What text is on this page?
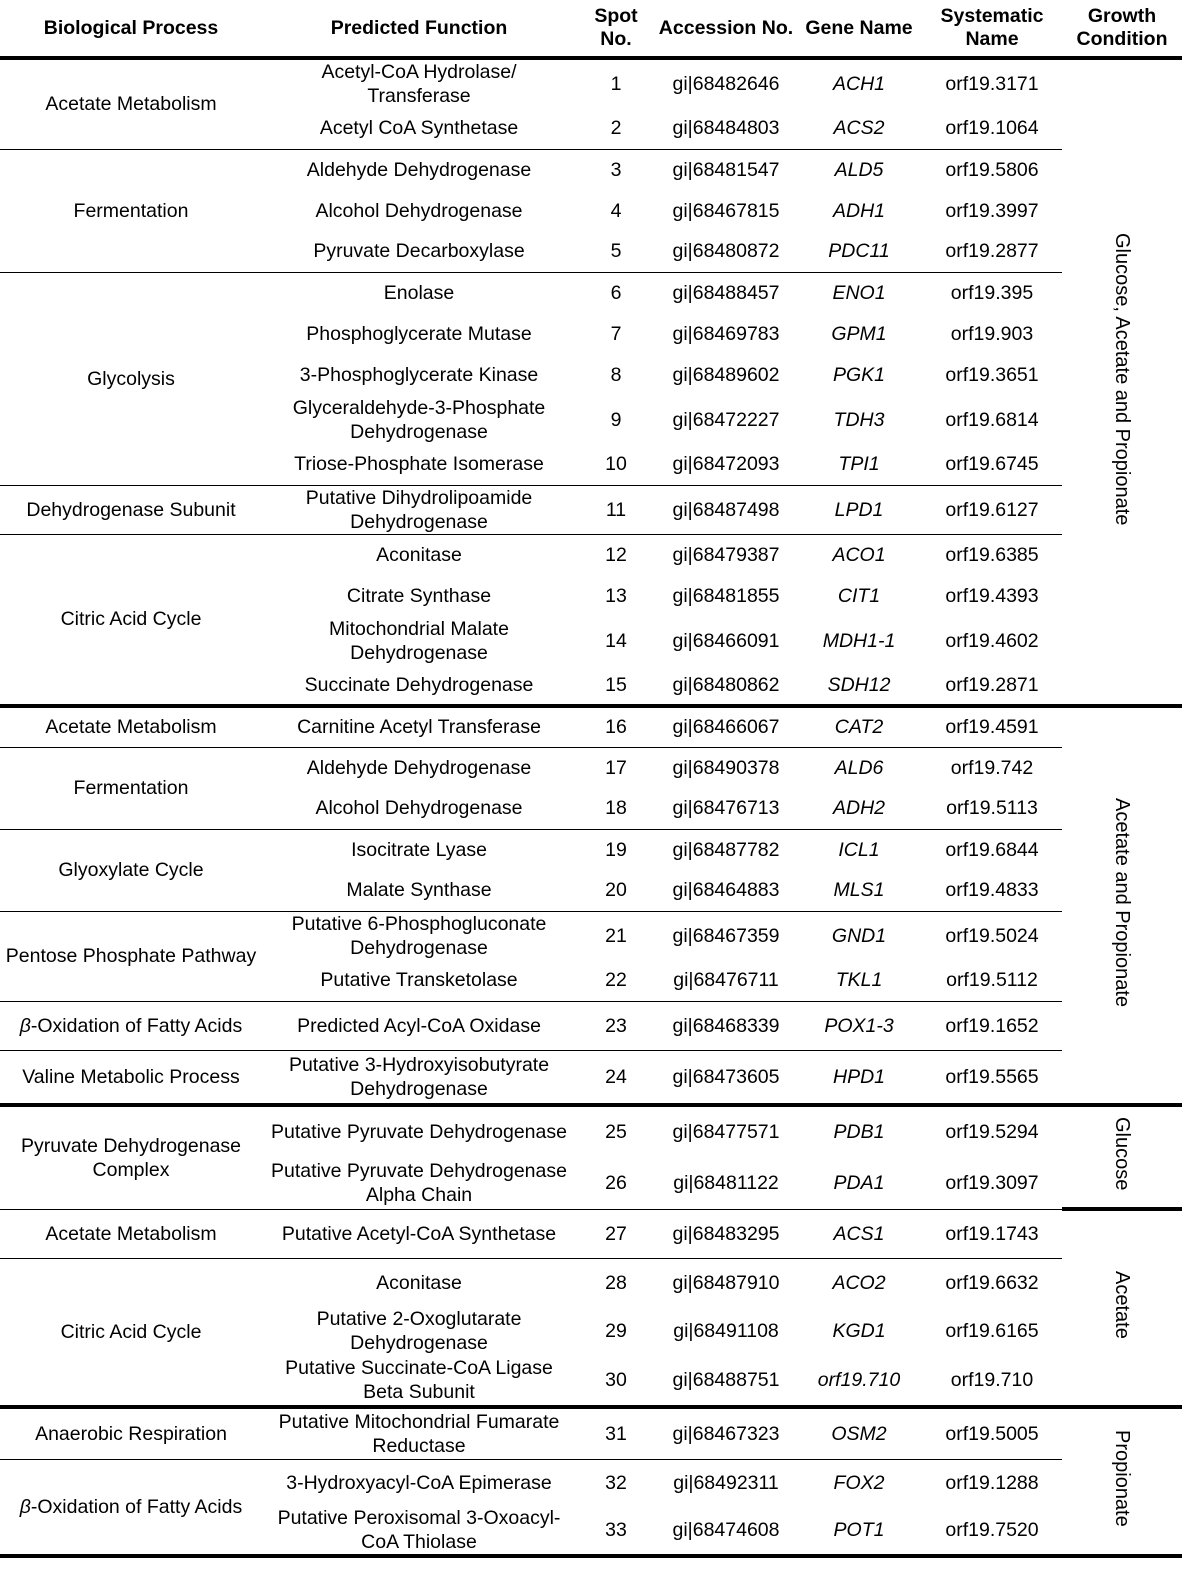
Biological Process	Predicted Function	Spot No.	Accession No.	Gene Name	Systematic Name	Growth Condition
Acetate Metabolism	Acetyl-CoA Hydrolase/ Transferase	1	gi|68482646	ACH1	orf19.3171	Glucose, Acetate and Propionate
	Acetyl CoA Synthetase	2	gi|68484803	ACS2	orf19.1064	
Fermentation	Aldehyde Dehydrogenase	3	gi|68481547	ALD5	orf19.5806	
	Alcohol Dehydrogenase	4	gi|68467815	ADH1	orf19.3997	
	Pyruvate Decarboxylase	5	gi|68480872	PDC11	orf19.2877	
Glycolysis	Enolase	6	gi|68488457	ENO1	orf19.395	
	Phosphoglycerate Mutase	7	gi|68469783	GPM1	orf19.903	
	3-Phosphoglycerate Kinase	8	gi|68489602	PGK1	orf19.3651	
	Glyceraldehyde-3-Phosphate Dehydrogenase	9	gi|68472227	TDH3	orf19.6814	
	Triose-Phosphate Isomerase	10	gi|68472093	TPI1	orf19.6745	
Dehydrogenase Subunit	Putative Dihydrolipoamide Dehydrogenase	11	gi|68487498	LPD1	orf19.6127	
Citric Acid Cycle	Aconitase	12	gi|68479387	ACO1	orf19.6385	
	Citrate Synthase	13	gi|68481855	CIT1	orf19.4393	
	Mitochondrial Malate Dehydrogenase	14	gi|68466091	MDH1-1	orf19.4602	
	Succinate Dehydrogenase	15	gi|68480862	SDH12	orf19.2871	
Acetate Metabolism	Carnitine Acetyl Transferase	16	gi|68466067	CAT2	orf19.4591	Acetate and Propionate
Fermentation	Aldehyde Dehydrogenase	17	gi|68490378	ALD6	orf19.742	
	Alcohol Dehydrogenase	18	gi|68476713	ADH2	orf19.5113	
Glyoxylate Cycle	Isocitrate Lyase	19	gi|68487782	ICL1	orf19.6844	
	Malate Synthase	20	gi|68464883	MLS1	orf19.4833	
Pentose Phosphate Pathway	Putative 6-Phosphogluconate Dehydrogenase	21	gi|68467359	GND1	orf19.5024	
	Putative Transketolase	22	gi|68476711	TKL1	orf19.5112	
β-Oxidation of Fatty Acids	Predicted Acyl-CoA Oxidase	23	gi|68468339	POX1-3	orf19.1652	
Valine Metabolic Process	Putative 3-Hydroxyisobutyrate Dehydrogenase	24	gi|68473605	HPD1	orf19.5565	
Pyruvate Dehydrogenase Complex	Putative Pyruvate Dehydrogenase	25	gi|68477571	PDB1	orf19.5294	Glucose
	Putative Pyruvate Dehydrogenase Alpha Chain	26	gi|68481122	PDA1	orf19.3097	
Acetate Metabolism	Putative Acetyl-CoA Synthetase	27	gi|68483295	ACS1	orf19.1743	Acetate
Citric Acid Cycle	Aconitase	28	gi|68487910	ACO2	orf19.6632	
	Putative 2-Oxoglutarate Dehydrogenase	29	gi|68491108	KGD1	orf19.6165	
	Putative Succinate-CoA Ligase Beta Subunit	30	gi|68488751	orf19.710	orf19.710	
Anaerobic Respiration	Putative Mitochondrial Fumarate Reductase	31	gi|68467323	OSM2	orf19.5005	Propionate
β-Oxidation of Fatty Acids	3-Hydroxyacyl-CoA Epimerase	32	gi|68492311	FOX2	orf19.1288	
	Putative Peroxisomal 3-Oxoacyl-CoA Thiolase	33	gi|68474608	POT1	orf19.7520	
